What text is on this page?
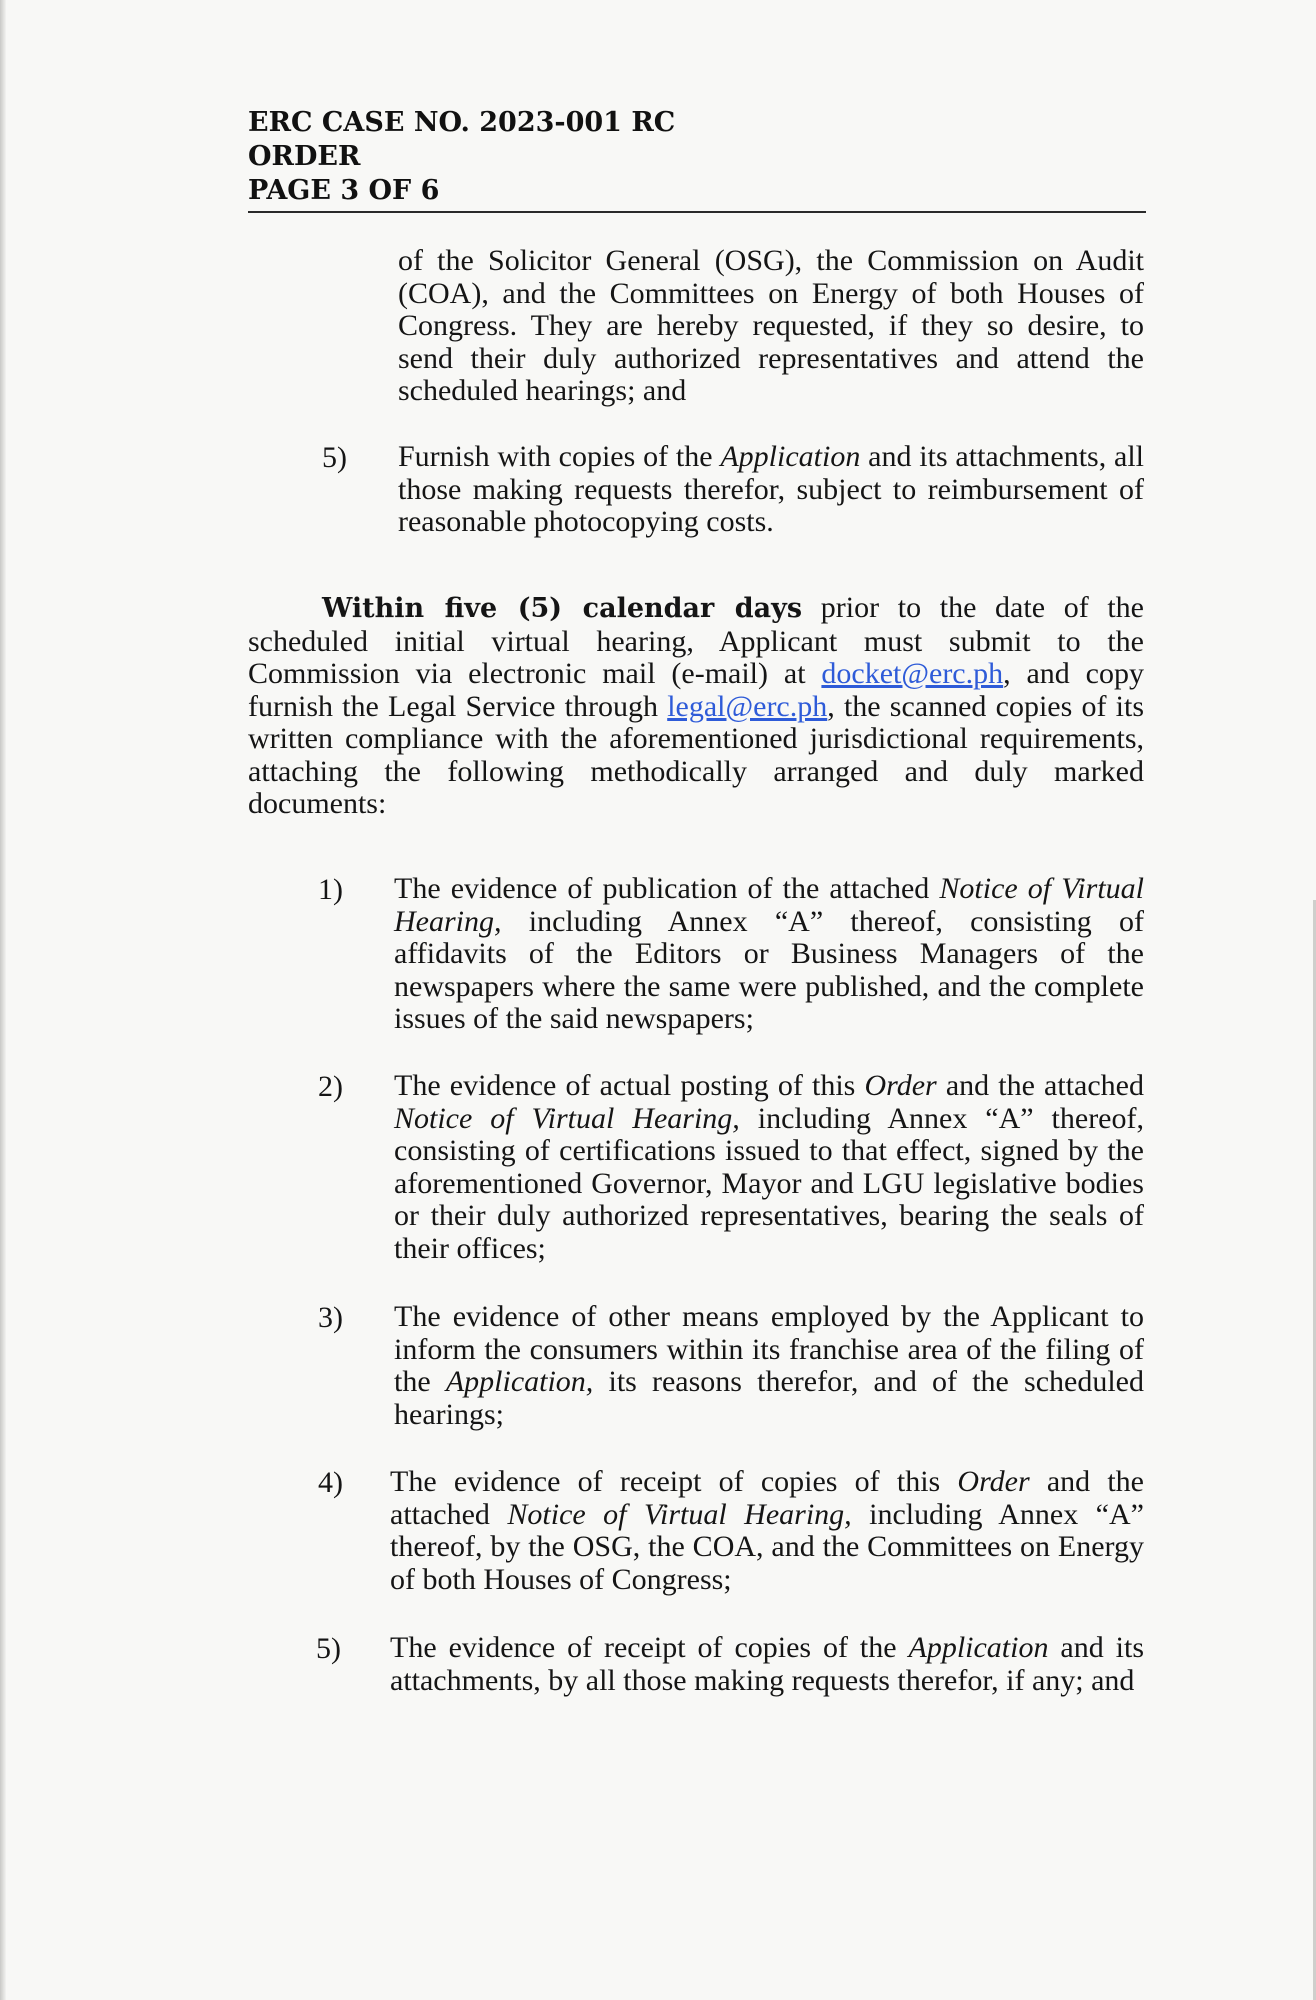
ERC CASE NO. 2023-001 RC
ORDER
PAGE 3 OF 6
of the Solicitor General (OSG), the Commission on Audit (COA), and the Committees on Energy of both Houses of Congress. They are hereby requested, if they so desire, to send their duly authorized representatives and attend the scheduled hearings; and
5) Furnish with copies of the Application and its attachments, all those making requests therefor, subject to reimbursement of reasonable photocopying costs.
Within five (5) calendar days prior to the date of the scheduled initial virtual hearing, Applicant must submit to the Commission via electronic mail (e-mail) at docket@erc.ph, and copy furnish the Legal Service through legal@erc.ph, the scanned copies of its written compliance with the aforementioned jurisdictional requirements, attaching the following methodically arranged and duly marked documents:
1) The evidence of publication of the attached Notice of Virtual Hearing, including Annex “A” thereof, consisting of affidavits of the Editors or Business Managers of the newspapers where the same were published, and the complete issues of the said newspapers;
2) The evidence of actual posting of this Order and the attached Notice of Virtual Hearing, including Annex “A” thereof, consisting of certifications issued to that effect, signed by the aforementioned Governor, Mayor and LGU legislative bodies or their duly authorized representatives, bearing the seals of their offices;
3) The evidence of other means employed by the Applicant to inform the consumers within its franchise area of the filing of the Application, its reasons therefor, and of the scheduled hearings;
4) The evidence of receipt of copies of this Order and the attached Notice of Virtual Hearing, including Annex “A” thereof, by the OSG, the COA, and the Committees on Energy of both Houses of Congress;
5) The evidence of receipt of copies of the Application and its attachments, by all those making requests therefor, if any; and
